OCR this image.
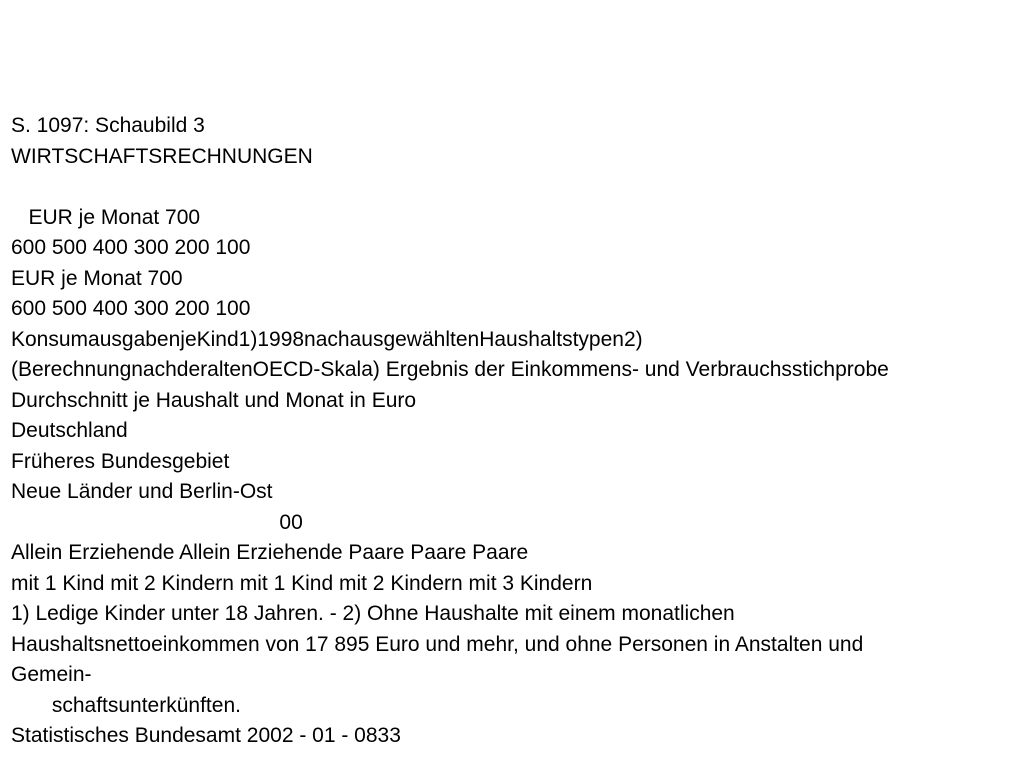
S. 1097: Schaubild 3
WIRTSCHAFTSRECHNUNGEN
EUR je Monat 700
600 500 400 300 200 100
EUR je Monat 700
600 500 400 300 200 100
KonsumausgabenjeKind1)1998nachausgewähltenHaushaltstypen2)
(BerechnungnachderaltenOECD-Skala) Ergebnis der Einkommens- und Verbrauchsstichprobe
Durchschnitt je Haushalt und Monat in Euro
Deutschland
Früheres Bundesgebiet
Neue Länder und Berlin-Ost
00
Allein Erziehende Allein Erziehende Paare Paare Paare
mit 1 Kind mit 2 Kindern mit 1 Kind mit 2 Kindern mit 3 Kindern
1) Ledige Kinder unter 18 Jahren. - 2) Ohne Haushalte mit einem monatlichen
Haushaltsnettoeinkommen von 17 895 Euro und mehr, und ohne Personen in Anstalten und
Gemein-
schaftsunterkünften.
Statistisches Bundesamt 2002 - 01 - 0833
